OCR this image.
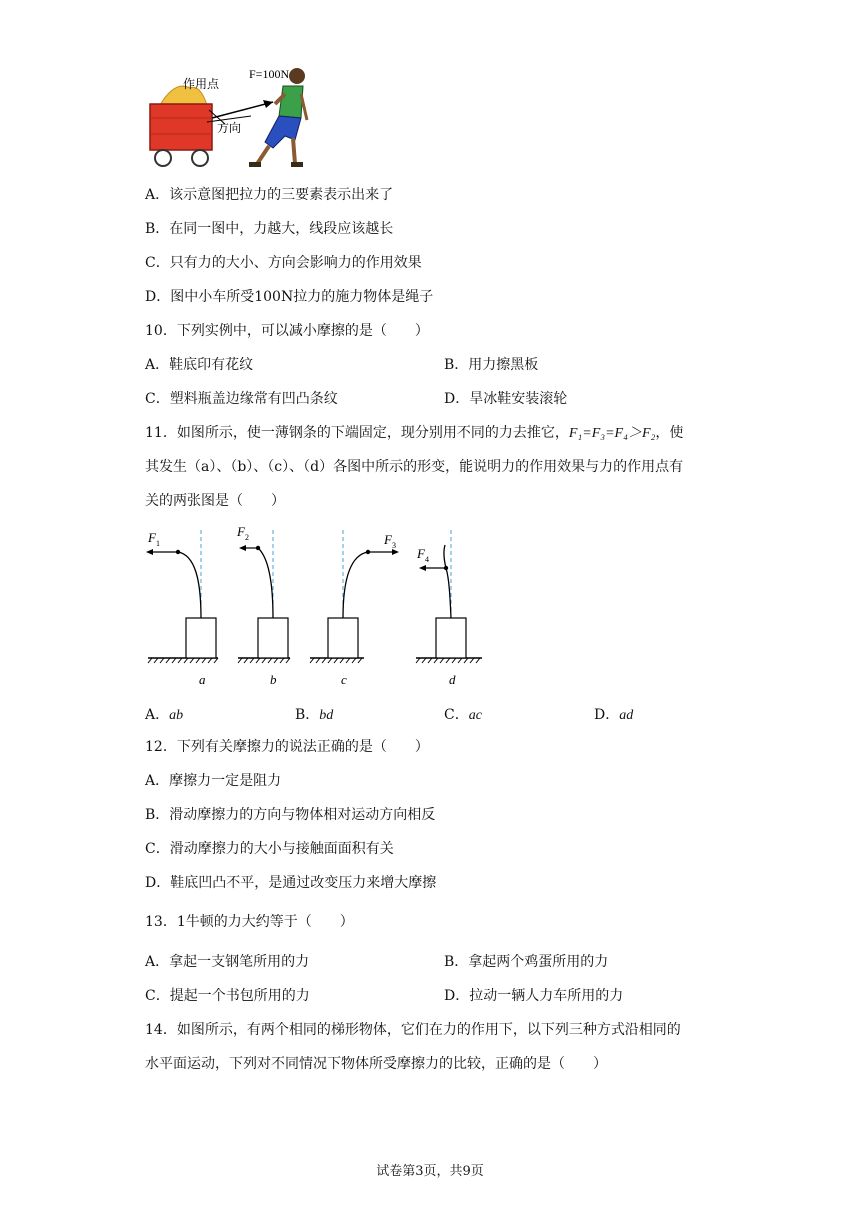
作用点
F=100N
方向
A．该示意图把拉力的三要素表示出来了
B．在同一图中，力越大，线段应该越长
C．只有力的大小、方向会影响力的作用效果
D．图中小车所受100N拉力的施力物体是绳子
10．下列实例中，可以减小摩擦的是（　　）
A．鞋底印有花纹	B．用力擦黑板
C．塑料瓶盖边缘常有凹凸条纹	D．旱冰鞋安装滚轮
11．如图所示，使一薄钢条的下端固定，现分别用不同的力去推它，F₁=F₃=F₄＞F₂，使
其发生（a）、（b）、（c）、（d）各图中所示的形变，能说明力的作用效果与力的作用点有
关的两张图是（　　）
F 1
a
F 2
b
F 3
c
F 4
d
A．ab	B．bd	C．ac	D．ad
12．下列有关摩擦力的说法正确的是（　　）
A．摩擦力一定是阻力
B．滑动摩擦力的方向与物体相对运动方向相反
C．滑动摩擦力的大小与接触面面积有关
D．鞋底凹凸不平，是通过改变压力来增大摩擦
13．1牛顿的力大约等于（　　）
A．拿起一支钢笔所用的力	B．拿起两个鸡蛋所用的力
C．提起一个书包所用的力	D．拉动一辆人力车所用的力
14．如图所示，有两个相同的梯形物体，它们在力的作用下，以下列三种方式沿相同的
水平面运动，下列对不同情况下物体所受摩擦力的比较，正确的是（　　）
试卷第3页，共9页
